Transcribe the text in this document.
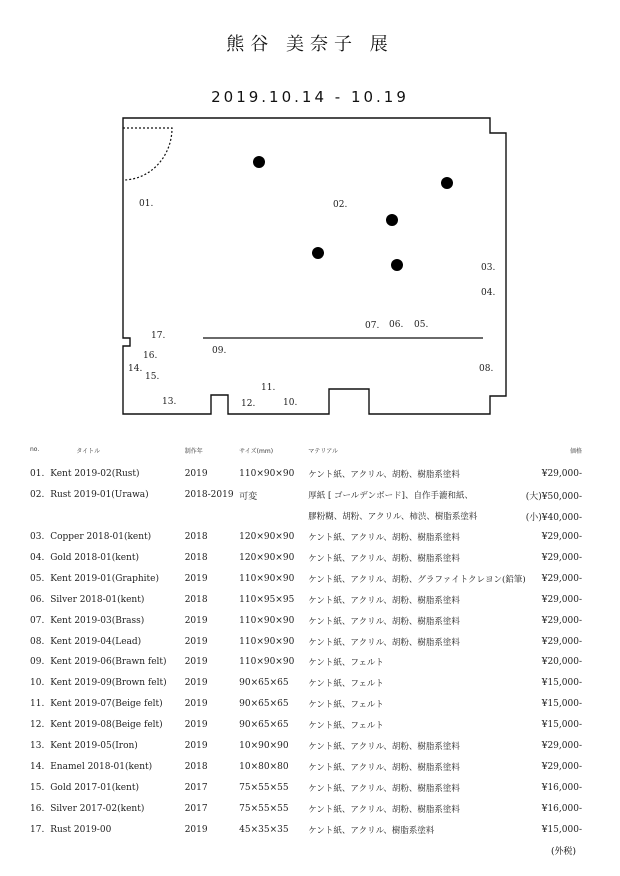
熊谷 美奈子 展
2019.10.14 - 10.19
01.	02.
03.
04.
05.
06.
07.
08.
09.
10.
11.
12.
13.
14.
15.
16.
17.
no.	タイトル	制作年	サイズ(mm)	マテリアル	価格
01.	Kent 2019-02(Rust)	2019	110×90×90	ケント紙、アクリル、胡粉、樹脂系塗料	¥29,000-
02.	Rust 2019-01(Urawa)	2018-2019	可変	厚紙 [ ゴールデンボード]、自作手漉和紙、	(大)¥50,000-
				膠粉糊、胡粉、アクリル、柿渋、樹脂系塗料	(小)¥40,000-
03.	Copper 2018-01(kent)	2018	120×90×90	ケント紙、アクリル、胡粉、樹脂系塗料	¥29,000-
04.	Gold 2018-01(kent)	2018	120×90×90	ケント紙、アクリル、胡粉、樹脂系塗料	¥29,000-
05.	Kent 2019-01(Graphite)	2019	110×90×90	ケント紙、アクリル、胡粉、グラファイトクレヨン(鉛筆)	¥29,000-
06.	Silver 2018-01(kent)	2018	110×95×95	ケント紙、アクリル、胡粉、樹脂系塗料	¥29,000-
07.	Kent 2019-03(Brass)	2019	110×90×90	ケント紙、アクリル、胡粉、樹脂系塗料	¥29,000-
08.	Kent 2019-04(Lead)	2019	110×90×90	ケント紙、アクリル、胡粉、樹脂系塗料	¥29,000-
09.	Kent 2019-06(Brawn felt)	2019	110×90×90	ケント紙、フェルト	¥20,000-
10.	Kent 2019-09(Brown felt)	2019	90×65×65	ケント紙、フェルト	¥15,000-
11.	Kent 2019-07(Beige felt)	2019	90×65×65	ケント紙、フェルト	¥15,000-
12.	Kent 2019-08(Beige felt)	2019	90×65×65	ケント紙、フェルト	¥15,000-
13.	Kent 2019-05(Iron)	2019	10×90×90	ケント紙、アクリル、胡粉、樹脂系塗料	¥29,000-
14.	Enamel 2018-01(kent)	2018	10×80×80	ケント紙、アクリル、胡粉、樹脂系塗料	¥29,000-
15.	Gold 2017-01(kent)	2017	75×55×55	ケント紙、アクリル、胡粉、樹脂系塗料	¥16,000-
16.	Silver 2017-02(kent)	2017	75×55×55	ケント紙、アクリル、胡粉、樹脂系塗料	¥16,000-
17.	Rust 2019-00	2019	45×35×35	ケント紙、アクリル、樹脂系塗料	¥15,000-
(外税)
